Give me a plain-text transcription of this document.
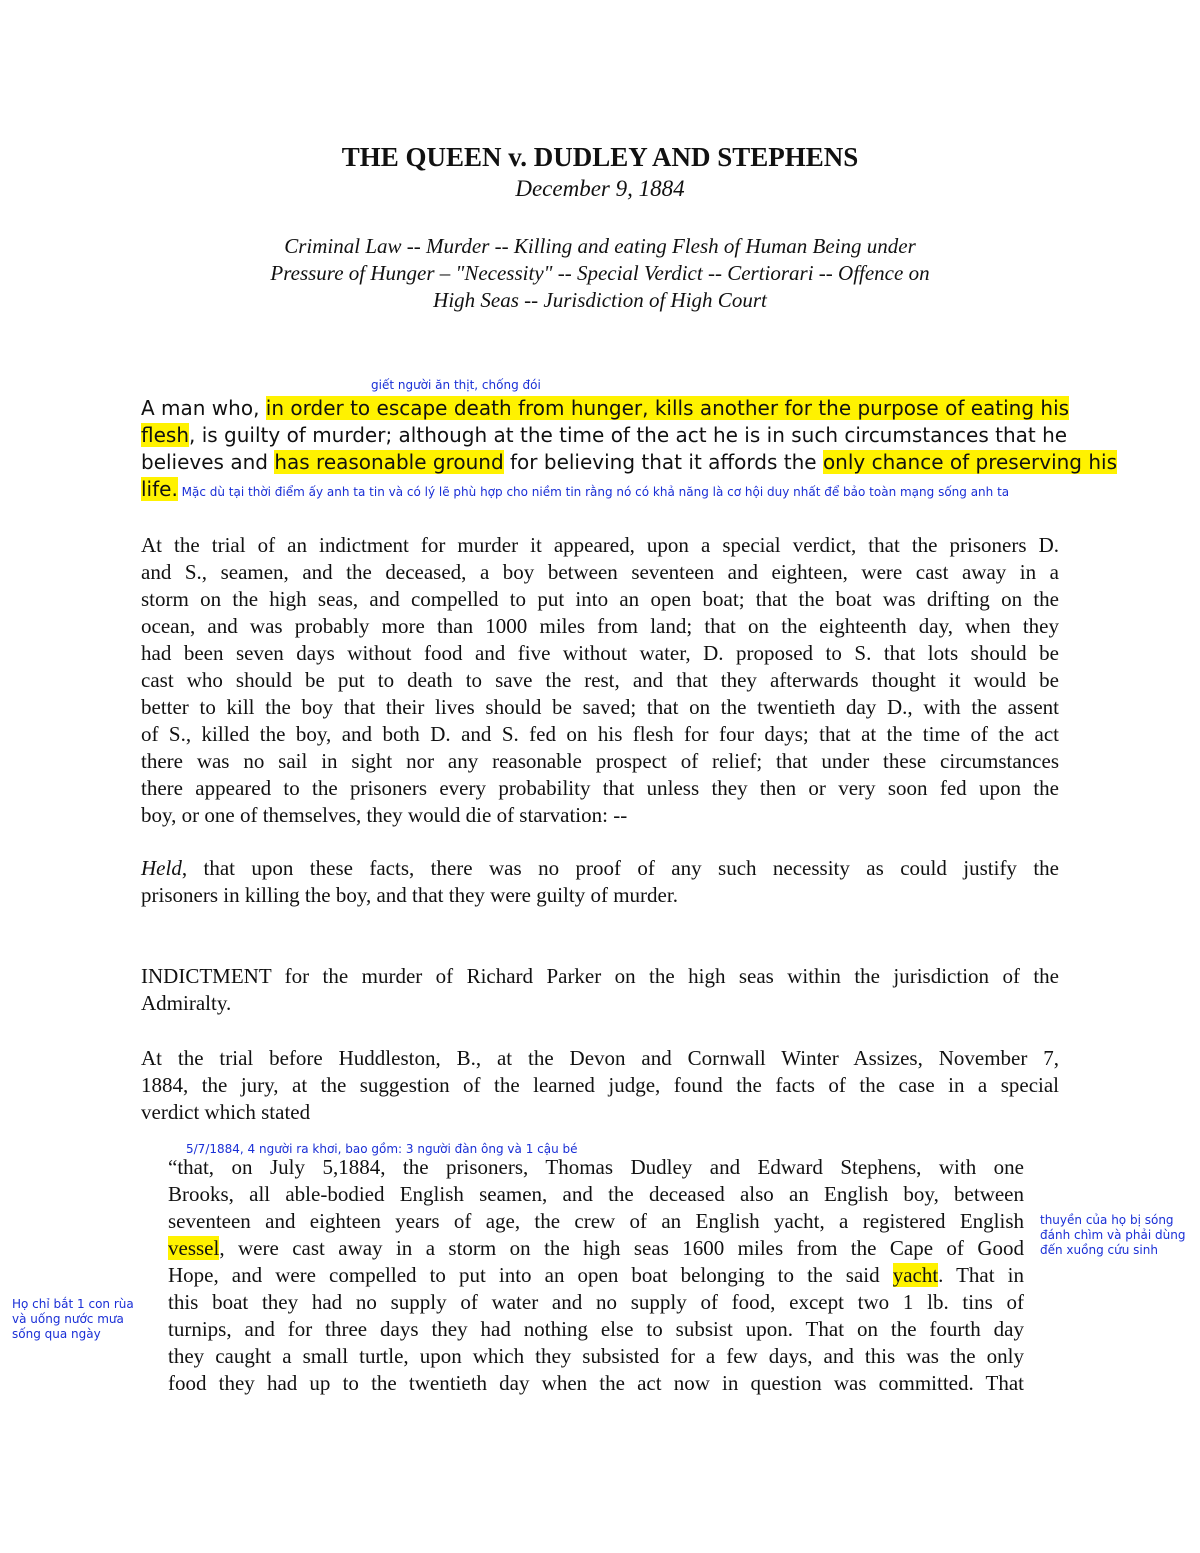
THE QUEEN v. DUDLEY AND STEPHENS
December 9, 1884
Criminal Law -- Murder -- Killing and eating Flesh of Human Being under
Pressure of Hunger – "Necessity" -- Special Verdict -- Certiorari -- Offence on
High Seas -- Jurisdiction of High Court
giết người ăn thịt, chống đói
A man who, in order to escape death from hunger, kills another for the purpose of eating his
flesh, is guilty of murder; although at the time of the act he is in such circumstances that he
believes and has reasonable ground for believing that it affords the only chance of preserving his
life. Mặc dù tại thời điểm ấy anh ta tin và có lý lẽ phù hợp cho niềm tin rằng nó có khả năng là cơ hội duy nhất để bảo toàn mạng sống anh ta
At the trial of an indictment for murder it appeared, upon a special verdict, that the prisoners D.
and S., seamen, and the deceased, a boy between seventeen and eighteen, were cast away in a
storm on the high seas, and compelled to put into an open boat; that the boat was drifting on the
ocean, and was probably more than 1000 miles from land; that on the eighteenth day, when they
had been seven days without food and five without water, D. proposed to S. that lots should be
cast who should be put to death to save the rest, and that they afterwards thought it would be
better to kill the boy that their lives should be saved; that on the twentieth day D., with the assent
of S., killed the boy, and both D. and S. fed on his flesh for four days; that at the time of the act
there was no sail in sight nor any reasonable prospect of relief; that under these circumstances
there appeared to the prisoners every probability that unless they then or very soon fed upon the
boy, or one of themselves, they would die of starvation: --
Held, that upon these facts, there was no proof of any such necessity as could justify the
prisoners in killing the boy, and that they were guilty of murder.
INDICTMENT for the murder of Richard Parker on the high seas within the jurisdiction of the
Admiralty.
At the trial before Huddleston, B., at the Devon and Cornwall Winter Assizes, November 7,
1884, the jury, at the suggestion of the learned judge, found the facts of the case in a special
verdict which stated
5/7/1884, 4 người ra khơi, bao gồm: 3 người đàn ông và 1 cậu bé
“that, on July 5,1884, the prisoners, Thomas Dudley and Edward Stephens, with one
Brooks, all able-bodied English seamen, and the deceased also an English boy, between
seventeen and eighteen years of age, the crew of an English yacht, a registered English
vessel, were cast away in a storm on the high seas 1600 miles from the Cape of Good
Hope, and were compelled to put into an open boat belonging to the said yacht. That in
this boat they had no supply of water and no supply of food, except two 1 lb. tins of
turnips, and for three days they had nothing else to subsist upon. That on the fourth day
they caught a small turtle, upon which they subsisted for a few days, and this was the only
food they had up to the twentieth day when the act now in question was committed. That
thuyền của họ bị sóng
đánh chìm và phải dùng
đến xuồng cứu sinh
Họ chỉ bắt 1 con rùa
và uống nước mưa
sống qua ngày
